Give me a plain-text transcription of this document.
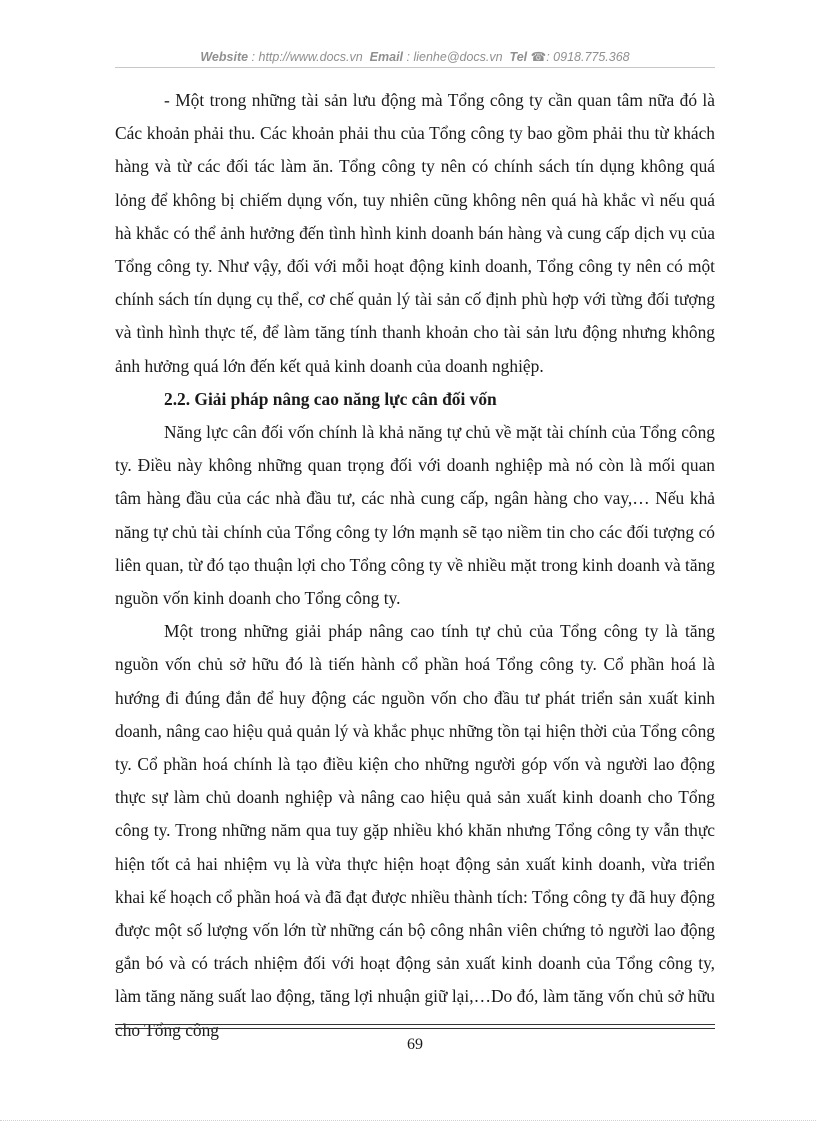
Website : http://www.docs.vn Email : lienhe@docs.vn Tel ☎: 0918.775.368

- Một trong những tài sản lưu động mà Tổng công ty cần quan tâm nữa đó là Các khoản phải thu. Các khoản phải thu của Tổng công ty bao gồm phải thu từ khách hàng và từ các đối tác làm ăn. Tổng công ty nên có chính sách tín dụng không quá lỏng để không bị chiếm dụng vốn, tuy nhiên cũng không nên quá hà khắc vì nếu quá hà khắc có thể ảnh hưởng đến tình hình kinh doanh bán hàng và cung cấp dịch vụ của Tổng công ty. Như vậy, đối với mỗi hoạt động kinh doanh, Tổng công ty nên có một chính sách tín dụng cụ thể, cơ chế quản lý tài sản cố định phù hợp với từng đối tượng và tình hình thực tế, để làm tăng tính thanh khoản cho tài sản lưu động nhưng không ảnh hưởng quá lớn đến kết quả kinh doanh của doanh nghiệp.

2.2. Giải pháp nâng cao năng lực cân đối vốn

Năng lực cân đối vốn chính là khả năng tự chủ về mặt tài chính của Tổng công ty. Điều này không những quan trọng đối với doanh nghiệp mà nó còn là mối quan tâm hàng đầu của các nhà đầu tư, các nhà cung cấp, ngân hàng cho vay,… Nếu khả năng tự chủ tài chính của Tổng công ty lớn mạnh sẽ tạo niềm tin cho các đối tượng có liên quan, từ đó tạo thuận lợi cho Tổng công ty về nhiều mặt trong kinh doanh và tăng nguồn vốn kinh doanh cho Tổng công ty.

Một trong những giải pháp nâng cao tính tự chủ của Tổng công ty là tăng nguồn vốn chủ sở hữu đó là tiến hành cổ phần hoá Tổng công ty. Cổ phần hoá là hướng đi đúng đắn để huy động các nguồn vốn cho đầu tư phát triển sản xuất kinh doanh, nâng cao hiệu quả quản lý và khắc phục những tồn tại hiện thời của Tổng công ty. Cổ phần hoá chính là tạo điều kiện cho những người góp vốn và người lao động thực sự làm chủ doanh nghiệp và nâng cao hiệu quả sản xuất kinh doanh cho Tổng công ty. Trong những năm qua tuy gặp nhiều khó khăn nhưng Tổng công ty vẫn thực hiện tốt cả hai nhiệm vụ là vừa thực hiện hoạt động sản xuất kinh doanh, vừa triển khai kế hoạch cổ phần hoá và đã đạt được nhiều thành tích: Tổng công ty đã huy động được một số lượng vốn lớn từ những cán bộ công nhân viên chứng tỏ người lao động gắn bó và có trách nhiệm đối với hoạt động sản xuất kinh doanh của Tổng công ty, làm tăng năng suất lao động, tăng lợi nhuận giữ lại,…Do đó, làm tăng vốn chủ sở hữu cho Tổng công

69
